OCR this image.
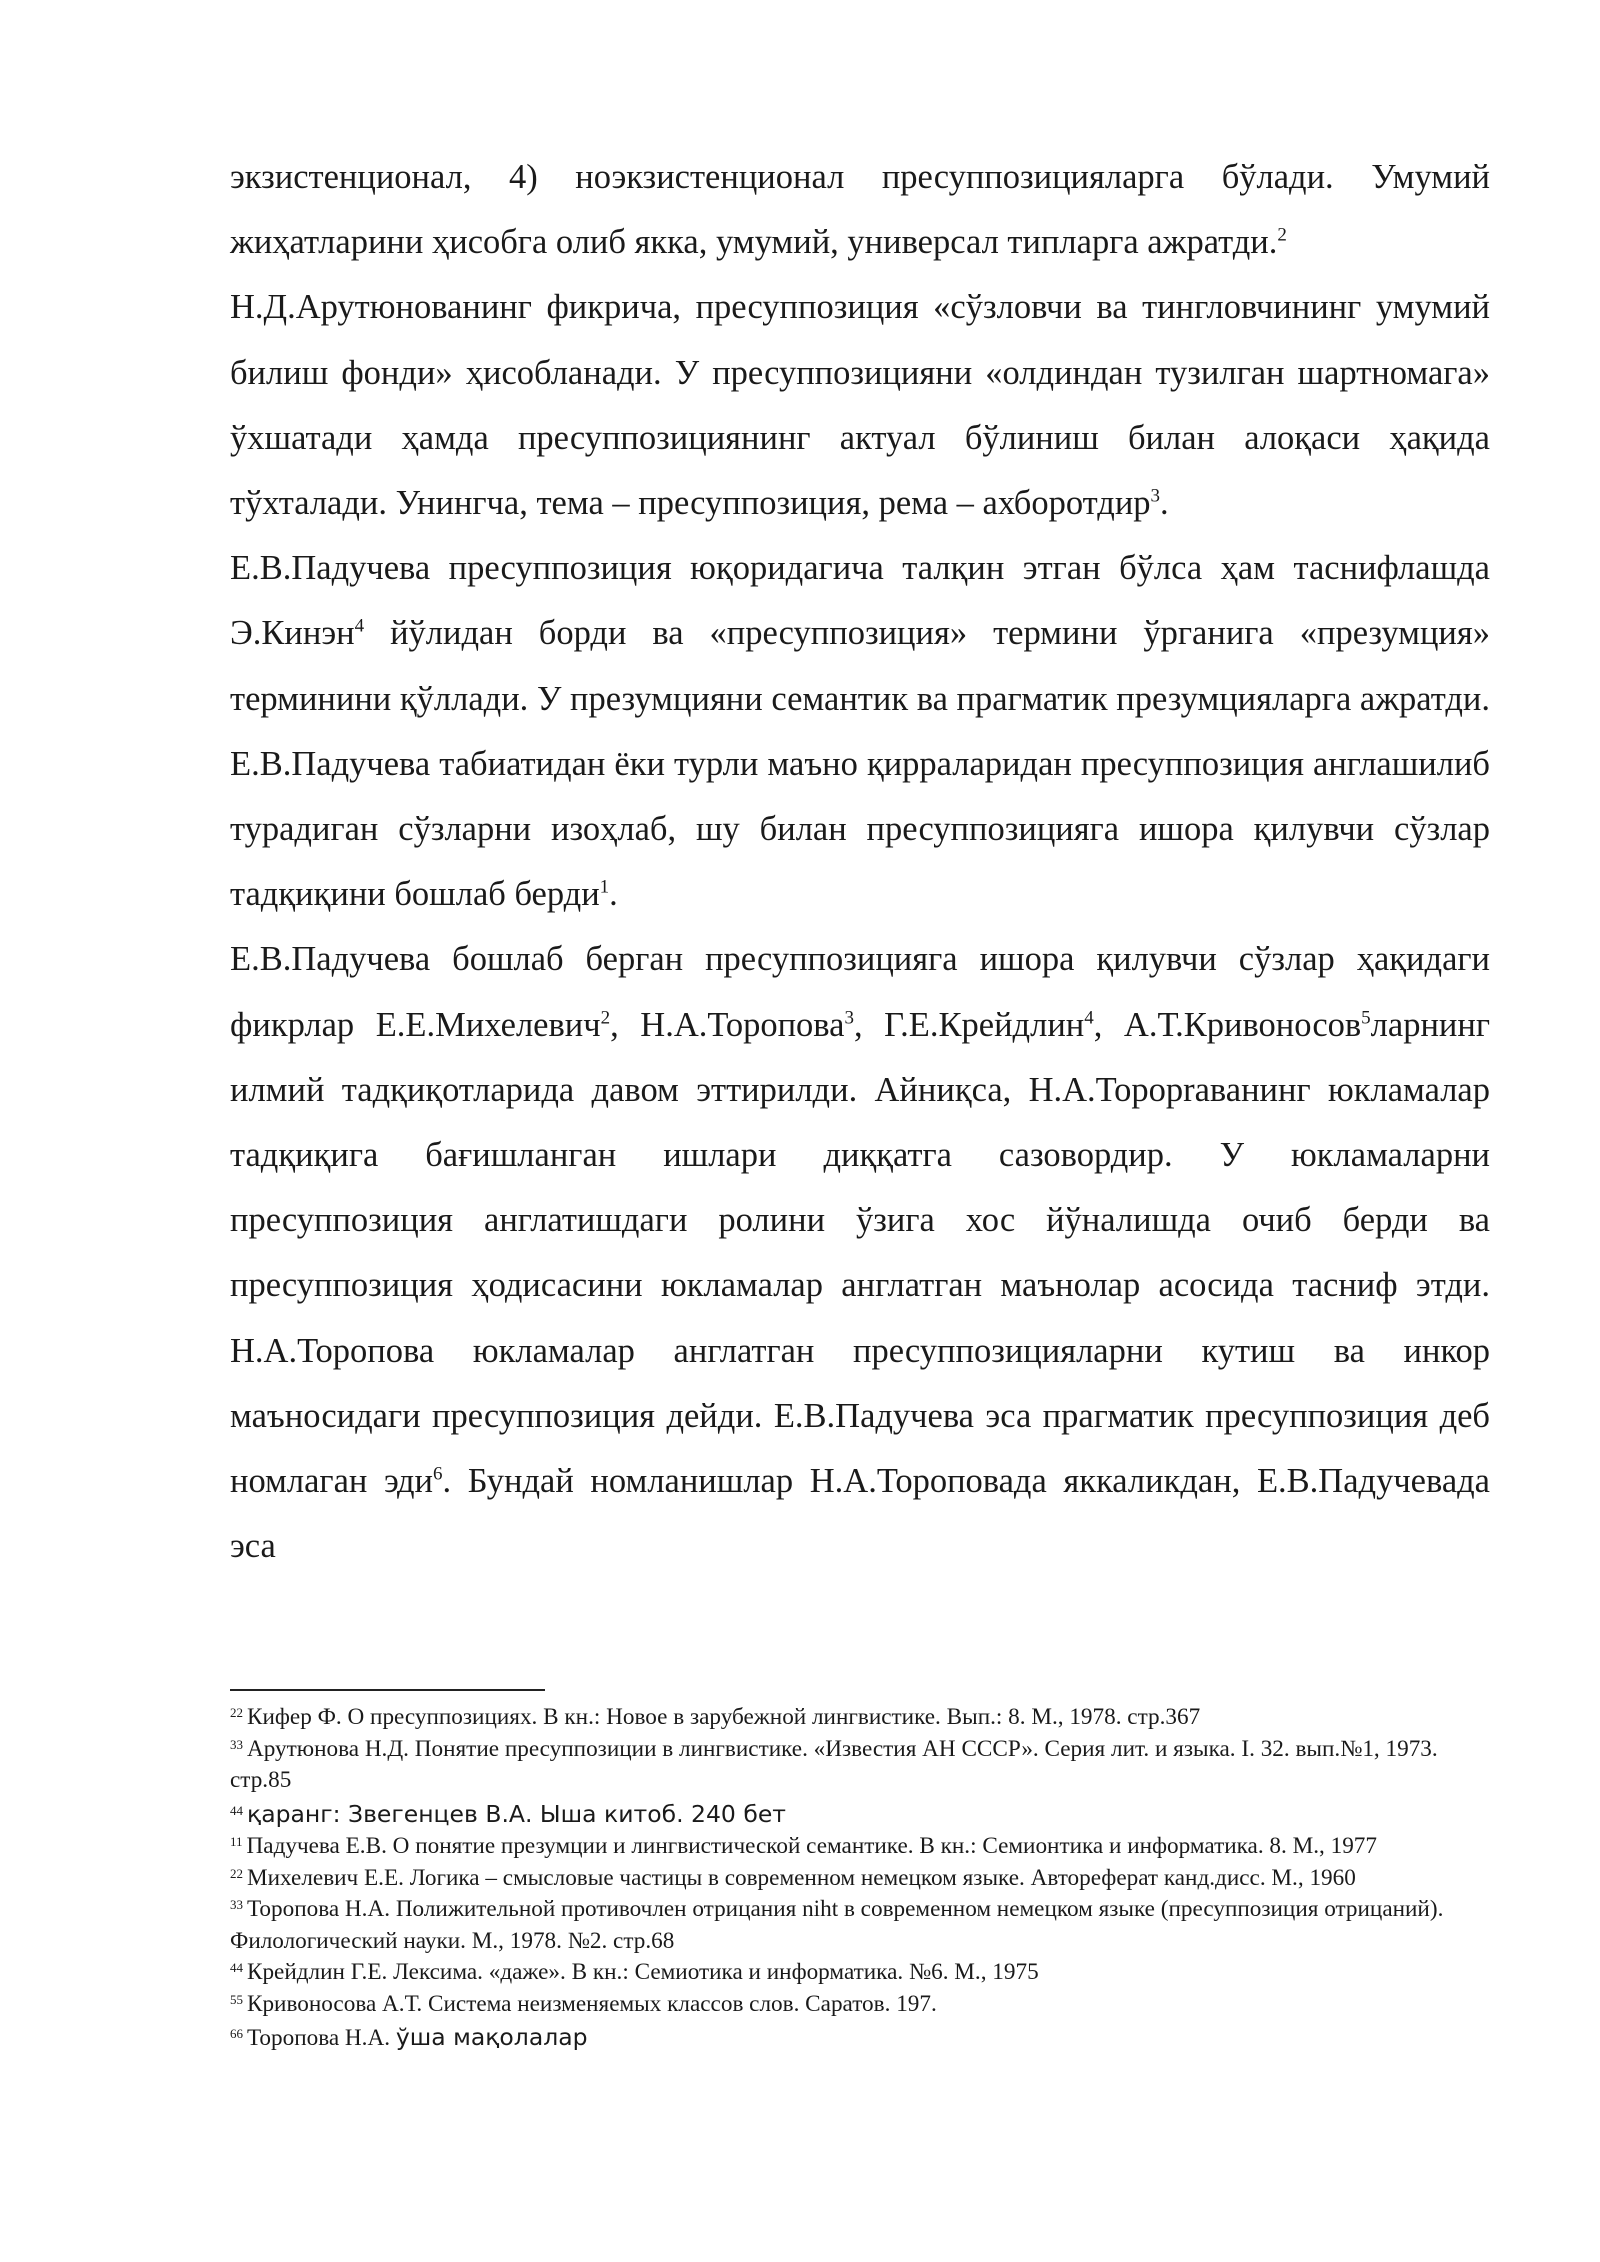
экзистенционал, 4) ноэкзистенционал пресуппозицияларга бўлади. Умумий жиҳатларини ҳисобга олиб якка, умумий, универсал типларга ажратди.$^2$

Н.Д.Арутюнованинг фикрича, пресуппозиция «сўзловчи ва тингловчининг умумий билиш фонди» ҳисобланади. У пресуппозицияни «олдиндан тузилган шартномага» ўхшатади ҳамда пресуппозициянинг актуал бўлиниш билан алоқаси ҳақида тўхталади. Унингча, тема – пресуппозиция, рема – ахборотдир$^3$.

Е.В.Падучева пресуппозиция юқоридагича талқин этган бўлса ҳам таснифлашда Э.Кинэн$^4$ йўлидан борди ва «пресуппозиция» термини ўрганига «презумция» терминини қўллади. У презумцияни семантик ва прагматик презумцияларга ажратди. Е.В.Падучева табиатидан ёки турли маъно қирраларидан пресуппозиция англашилиб турадиган сўзларни изоҳлаб, шу билан пресуппозицияга ишора қилувчи сўзлар тадқиқини бошлаб берди$^1$.

Е.В.Падучева бошлаб берган пресуппозицияга ишора қилувчи сўзлар ҳақидаги фикрлар Е.Е.Михелевич$^2$, Н.А.Торопова$^3$, Г.Е.Крейдлин$^4$, А.Т.Кривоносов$^5$ларнинг илмий тадқиқотларида давом эттирилди. Айниқса, Н.А.Тороpraванинг юкламалар тадқиқига бағишланган ишлари диққатга сазовордир. У юкламаларни пресуппозиция англатишдаги ролини ўзига хос йўналишда очиб берди ва пресуппозиция ҳодисасини юкламалар англатган маънолар асосида тасниф этди. Н.А.Торопова юкламалар англатган пресуппозицияларни кутиш ва инкор маъносидаги пресуппозиция дейди. Е.В.Падучева эса прагматик пресуппозиция деб номлаган эди$^6$. Бундай номланишлар Н.А.Тороповада яккаликдан, Е.В.Падучевада эса

$^{22}$ Кифер Ф. О пресуппозициях. В кн.: Новое в зарубежной лингвистике. Вып.: 8. М., 1978. стр.367

$^{33}$ Арутюнова Н.Д. Понятие пресуппозиции в лингвистике. «Известия АН СССР». Серия лит. и языка. I. 32. вып.№1, 1973. стр.85

$^{44}$ қаранг: Звегенцев В.А. Ыша китоб. 240 бет

$^{11}$ Падучева Е.В. О понятие презумции и лингвистической семантике. В кн.: Семионтика и информатика. 8. М., 1977

$^{22}$ Михелевич Е.Е. Логика – смысловые частицы в современном немецком языке. Автореферат канд.дисс. М., 1960

$^{33}$ Торопова Н.А. Полижительной противочлен отрицания niht в современном немецком языке (пресуппозиция отрицаний). Филологический науки. М., 1978. №2. стр.68

$^{44}$ Крейдлин Г.Е. Лексима. «даже». В кн.: Семиотика и информатика. №6. М., 1975

$^{55}$ Кривоносова А.Т. Система неизменяемых классов слов. Саратов. 197.

$^{66}$ Торопова Н.А. ўша мақолалар
